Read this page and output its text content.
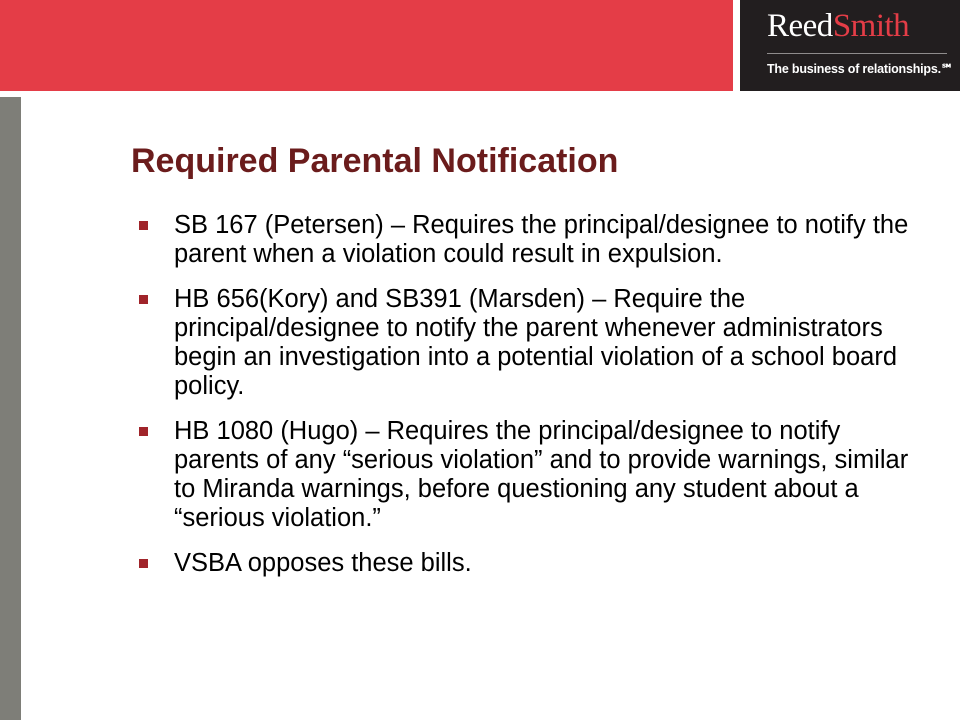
ReedSmith
The business of relationships.℠
Required Parental Notification
SB 167 (Petersen) – Requires the principal/designee to notify the parent when a violation could result in expulsion.
HB 656(Kory) and SB391 (Marsden) – Require the principal/designee to notify the parent whenever administrators begin an investigation into a potential violation of a school board policy.
HB 1080 (Hugo) – Requires the principal/designee to notify parents of any “serious violation” and to provide warnings, similar to Miranda warnings, before questioning any student about a “serious violation.”
VSBA opposes these bills.
